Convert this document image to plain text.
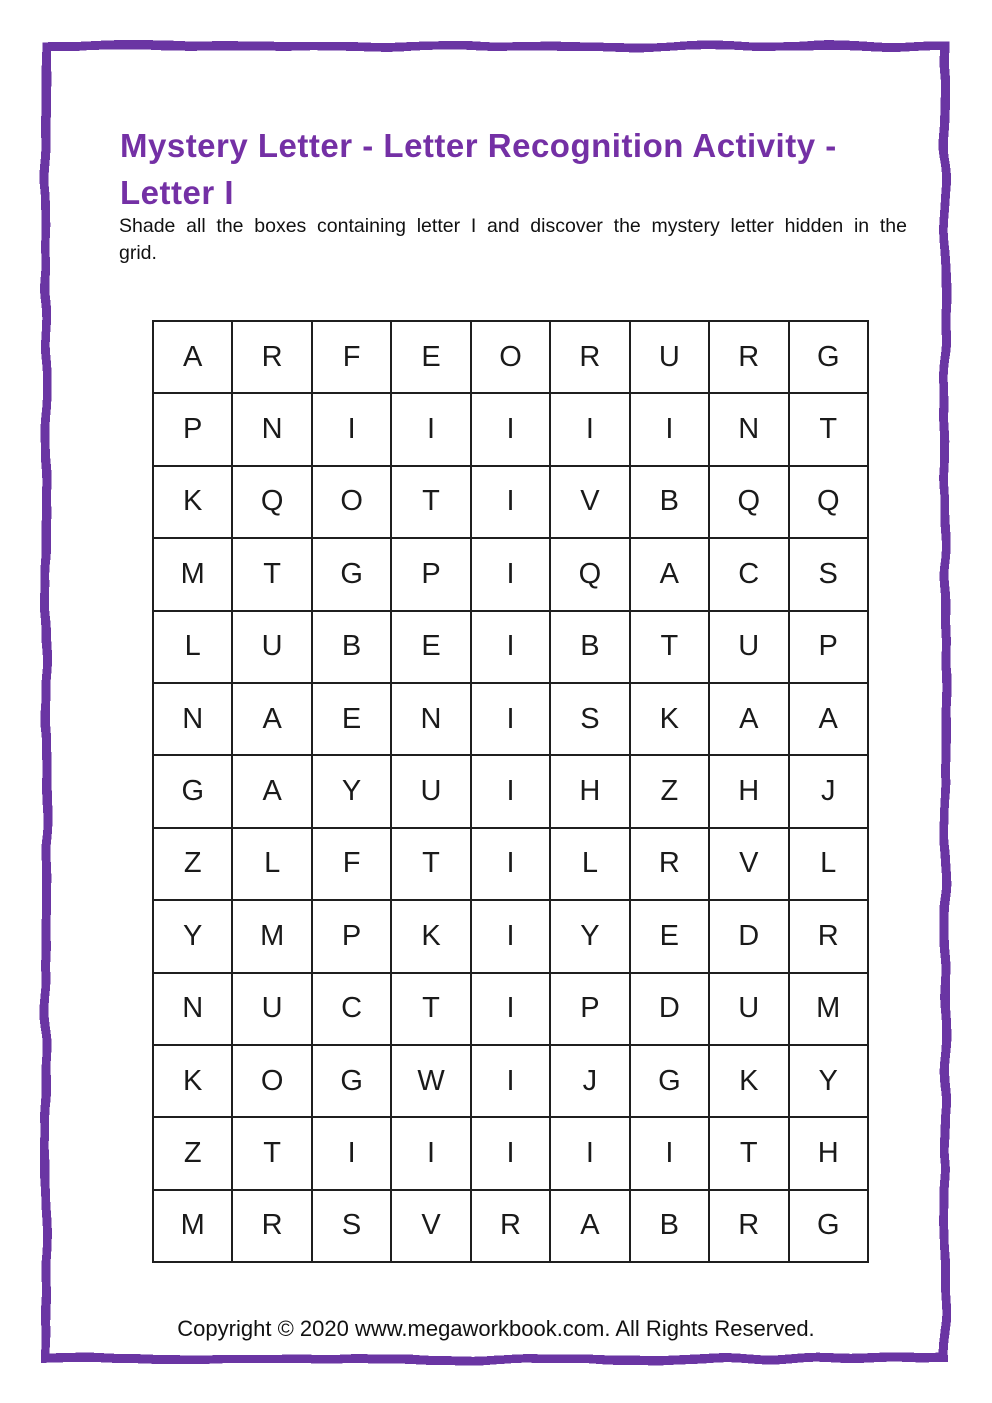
Mystery Letter - Letter Recognition Activity - Letter I
Shade all the boxes containing letter I and discover the mystery letter hidden in the grid.
A	R	F	E	O	R	U	R	G
P	N	I	I	I	I	I	N	T
K	Q	O	T	I	V	B	Q	Q
M	T	G	P	I	Q	A	C	S
L	U	B	E	I	B	T	U	P
N	A	E	N	I	S	K	A	A
G	A	Y	U	I	H	Z	H	J
Z	L	F	T	I	L	R	V	L
Y	M	P	K	I	Y	E	D	R
N	U	C	T	I	P	D	U	M
K	O	G	W	I	J	G	K	Y
Z	T	I	I	I	I	I	T	H
M	R	S	V	R	A	B	R	G
Copyright © 2020 www.megaworkbook.com. All Rights Reserved.
